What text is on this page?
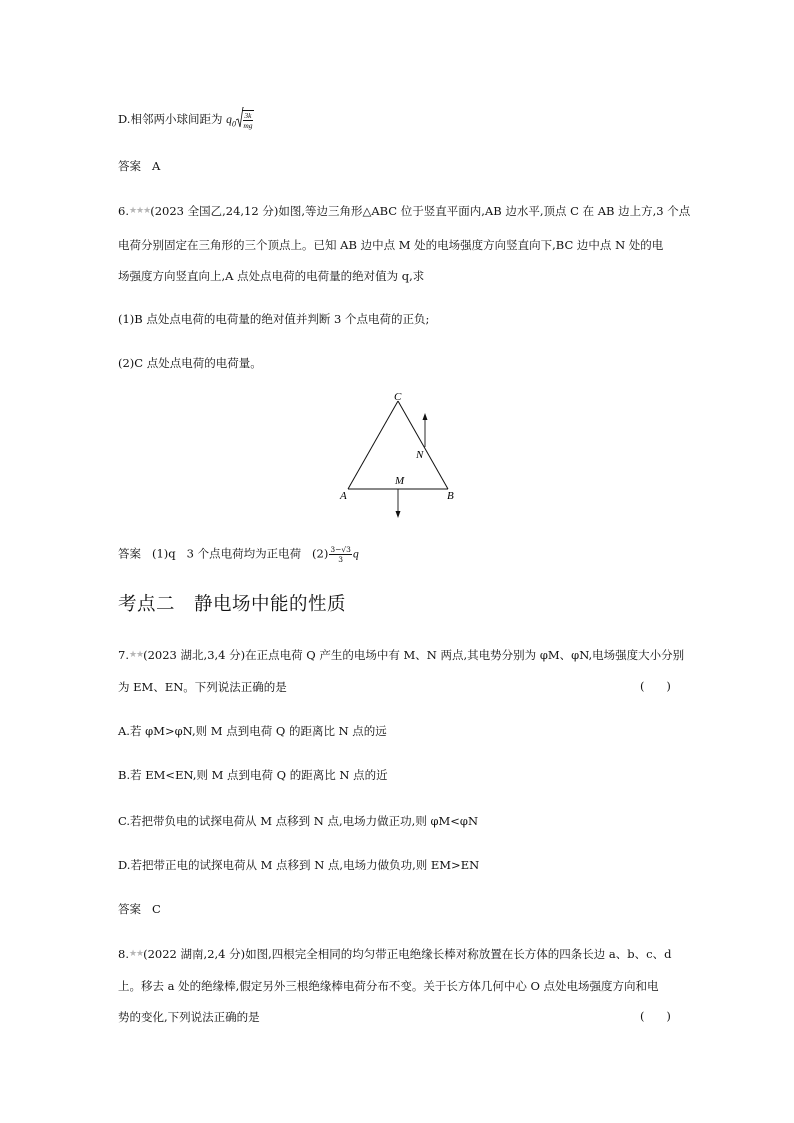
D.相邻两小球间距为 $q_0 \frac{3k}{mg}$
答案 A
6.★★★(2023 全国乙,24,12 分)如图,等边三角形△ABC 位于竖直平面内,AB 边水平,顶点 C 在 AB 边上方,3 个点
电荷分别固定在三角形的三个顶点上。已知 AB 边中点 M 处的电场强度方向竖直向下,BC 边中点 N 处的电
场强度方向竖直向上,A 点处点电荷的电荷量的绝对值为 q,求
(1)B 点处点电荷的电荷量的绝对值并判断 3 个点电荷的正负;
(2)C 点处点电荷的电荷量。
C
A	B
M
N
答案 (1)q 3 个点电荷均为正电荷 $(2) \frac{3-√3}{3}$ q
考点二　静电场中能的性质
7.★★(2023 湖北,3,4 分)在正点电荷 Q 产生的电场中有 M、N 两点,其电势分别为 φM、φN,电场强度大小分别
为 EM、EN。下列说法正确的是	(      )
A.若 φM>φN,则 M 点到电荷 Q 的距离比 N 点的远
B.若 EM<EN,则 M 点到电荷 Q 的距离比 N 点的近
C.若把带负电的试探电荷从 M 点移到 N 点,电场力做正功,则 φM<φN
D.若把带正电的试探电荷从 M 点移到 N 点,电场力做负功,则 EM>EN
答案 C
8.★★(2022 湖南,2,4 分)如图,四根完全相同的均匀带正电绝缘长棒对称放置在长方体的四条长边 a、b、c、d
上。移去 a 处的绝缘棒,假定另外三根绝缘棒电荷分布不变。关于长方体几何中心 O 点处电场强度方向和电
势的变化,下列说法正确的是	(      )
